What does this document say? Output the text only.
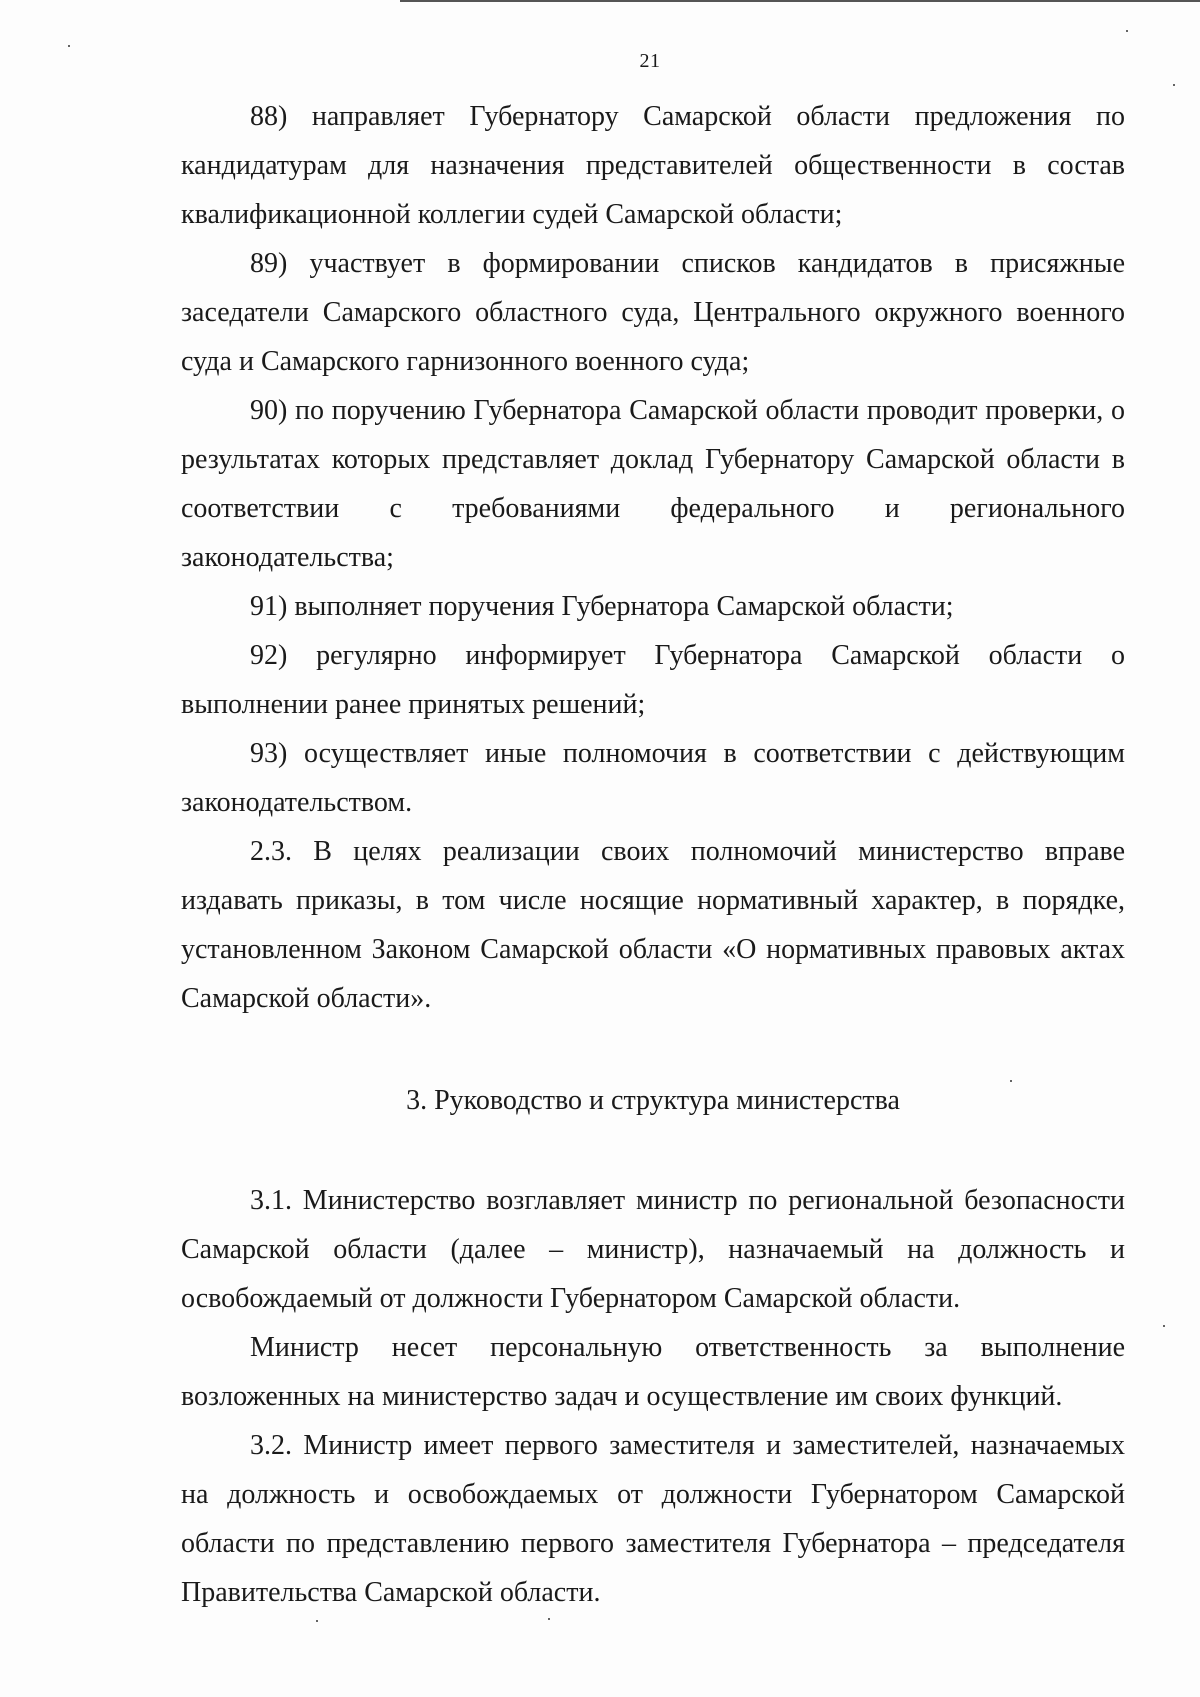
21

88) направляет Губернатору Самарской области предложения по кандидатурам для назначения представителей общественности в состав квалификационной коллегии судей Самарской области;

89) участвует в формировании списков кандидатов в присяжные заседатели Самарского областного суда, Центрального окружного военного суда и Самарского гарнизонного военного суда;

90) по поручению Губернатора Самарской области проводит проверки, о результатах которых представляет доклад Губернатору Самарской области в соответствии с требованиями федерального и регионального законодательства;

91) выполняет поручения Губернатора Самарской области;

92) регулярно информирует Губернатора Самарской области о выполнении ранее принятых решений;

93) осуществляет иные полномочия в соответствии с действующим законодательством.

2.3. В целях реализации своих полномочий министерство вправе издавать приказы, в том числе носящие нормативный характер, в порядке, установленном Законом Самарской области «О нормативных правовых актах Самарской области».

3. Руководство и структура министерства

3.1. Министерство возглавляет министр по региональной безопасности Самарской области (далее – министр), назначаемый на должность и освобождаемый от должности Губернатором Самарской области.

Министр несет персональную ответственность за выполнение возложенных на министерство задач и осуществление им своих функций.

3.2. Министр имеет первого заместителя и заместителей, назначаемых на должность и освобождаемых от должности Губернатором Самарской области по представлению первого заместителя Губернатора – председателя Правительства Самарской области.
